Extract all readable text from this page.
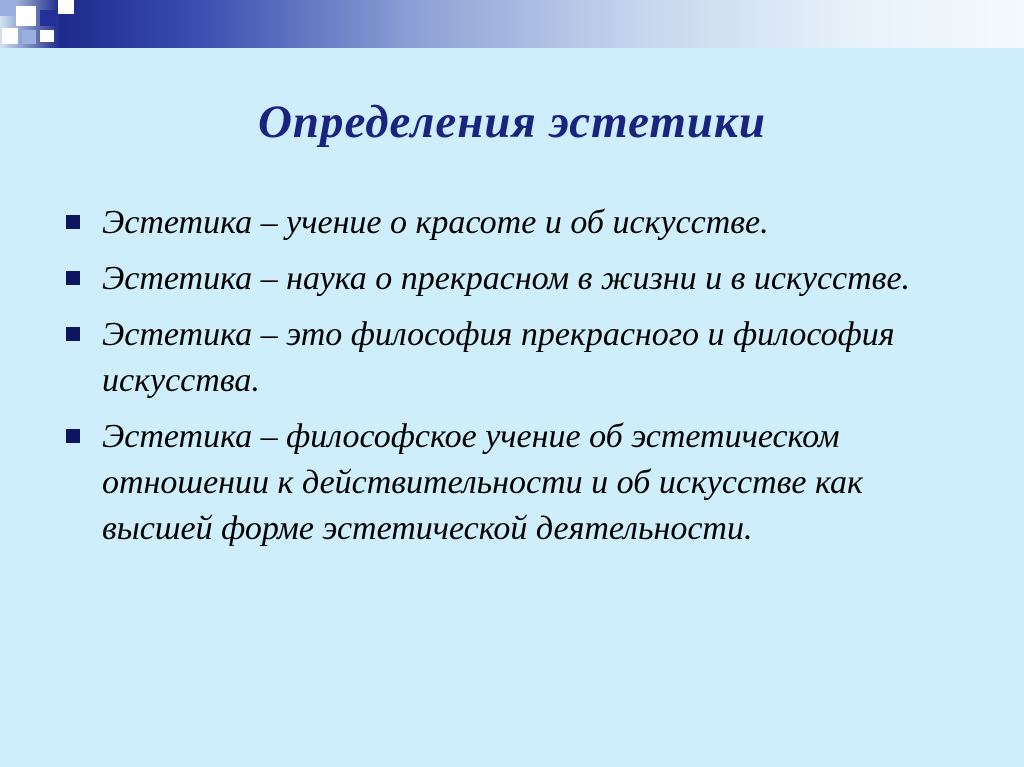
Определения эстетики
Эстетика – учение о красоте и об искусстве.
Эстетика – наука о прекрасном в жизни и в искусстве.
Эстетика – это философия прекрасного и философия искусства.
Эстетика – философское учение об эстетическом отношении к действительности и об искусстве как высшей форме эстетической деятельности.
